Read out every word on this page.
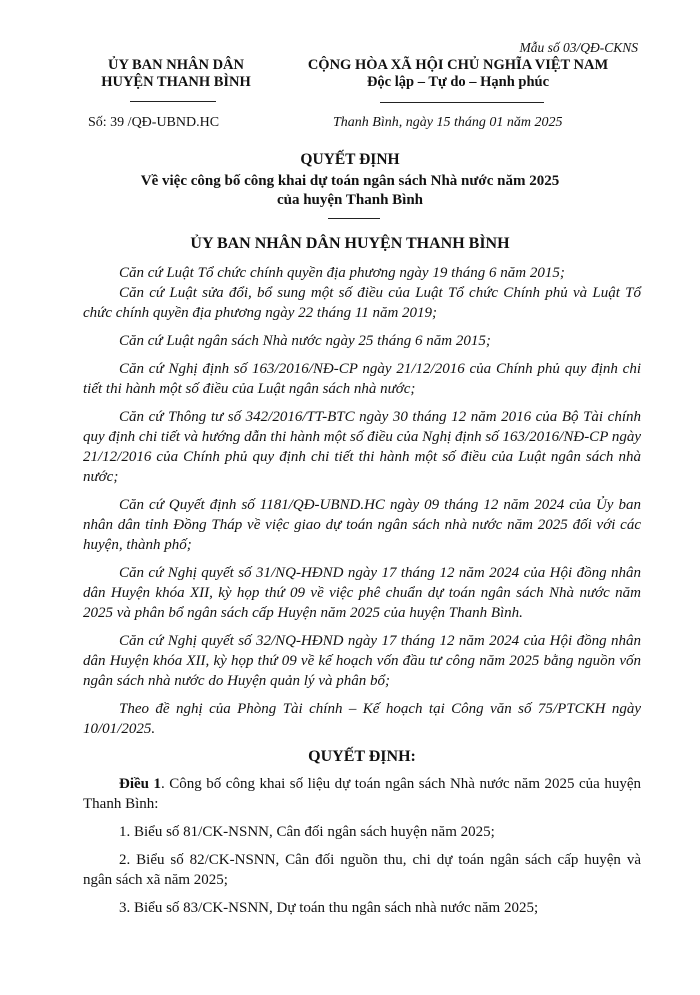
Mẫu số 03/QĐ-CKNS
ỦY BAN NHÂN DÂN
HUYỆN THANH BÌNH
CỘNG HÒA XÃ HỘI CHỦ NGHĨA VIỆT NAM
Độc lập – Tự do – Hạnh phúc
Số: 39 /QĐ-UBND.HC	Thanh Bình, ngày 15 tháng 01 năm 2025
QUYẾT ĐỊNH
Về việc công bố công khai dự toán ngân sách Nhà nước năm 2025
của huyện Thanh Bình
ỦY BAN NHÂN DÂN HUYỆN THANH BÌNH

Căn cứ Luật Tổ chức chính quyền địa phương ngày 19 tháng 6 năm 2015;

Căn cứ Luật sửa đổi, bổ sung một số điều của Luật Tổ chức Chính phủ và Luật Tổ chức chính quyền địa phương ngày 22 tháng 11 năm 2019;

Căn cứ Luật ngân sách Nhà nước ngày 25 tháng 6 năm 2015;

Căn cứ Nghị định số 163/2016/NĐ-CP ngày 21/12/2016 của Chính phủ quy định chi tiết thi hành một số điều của Luật ngân sách nhà nước;

Căn cứ Thông tư số 342/2016/TT-BTC ngày 30 tháng 12 năm 2016 của Bộ Tài chính quy định chi tiết và hướng dẫn thi hành một số điều của Nghị định số 163/2016/NĐ-CP ngày 21/12/2016 của Chính phủ quy định chi tiết thi hành một số điều của Luật ngân sách nhà nước;

Căn cứ Quyết định số 1181/QĐ-UBND.HC ngày 09 tháng 12 năm 2024 của Ủy ban nhân dân tỉnh Đồng Tháp về việc giao dự toán ngân sách nhà nước năm 2025 đối với các huyện, thành phố;

Căn cứ Nghị quyết số 31/NQ-HĐND ngày 17 tháng 12 năm 2024 của Hội đồng nhân dân Huyện khóa XII, kỳ họp thứ 09 về việc phê chuẩn dự toán ngân sách Nhà nước năm 2025 và phân bổ ngân sách cấp Huyện năm 2025 của huyện Thanh Bình.

Căn cứ Nghị quyết số 32/NQ-HĐND ngày 17 tháng 12 năm 2024 của Hội đồng nhân dân Huyện khóa XII, kỳ họp thứ 09 về kế hoạch vốn đầu tư công năm 2025 bằng nguồn vốn ngân sách nhà nước do Huyện quản lý và phân bổ;

Theo đề nghị của Phòng Tài chính – Kế hoạch tại Công văn số 75/PTCKH ngày 10/01/2025.

QUYẾT ĐỊNH:

Điều 1. Công bố công khai số liệu dự toán ngân sách Nhà nước năm 2025 của huyện Thanh Bình:

1. Biểu số 81/CK-NSNN, Cân đối ngân sách huyện năm 2025;

2. Biểu số 82/CK-NSNN, Cân đối nguồn thu, chi dự toán ngân sách cấp huyện và ngân sách xã năm 2025;

3. Biểu số 83/CK-NSNN, Dự toán thu ngân sách nhà nước năm 2025;
